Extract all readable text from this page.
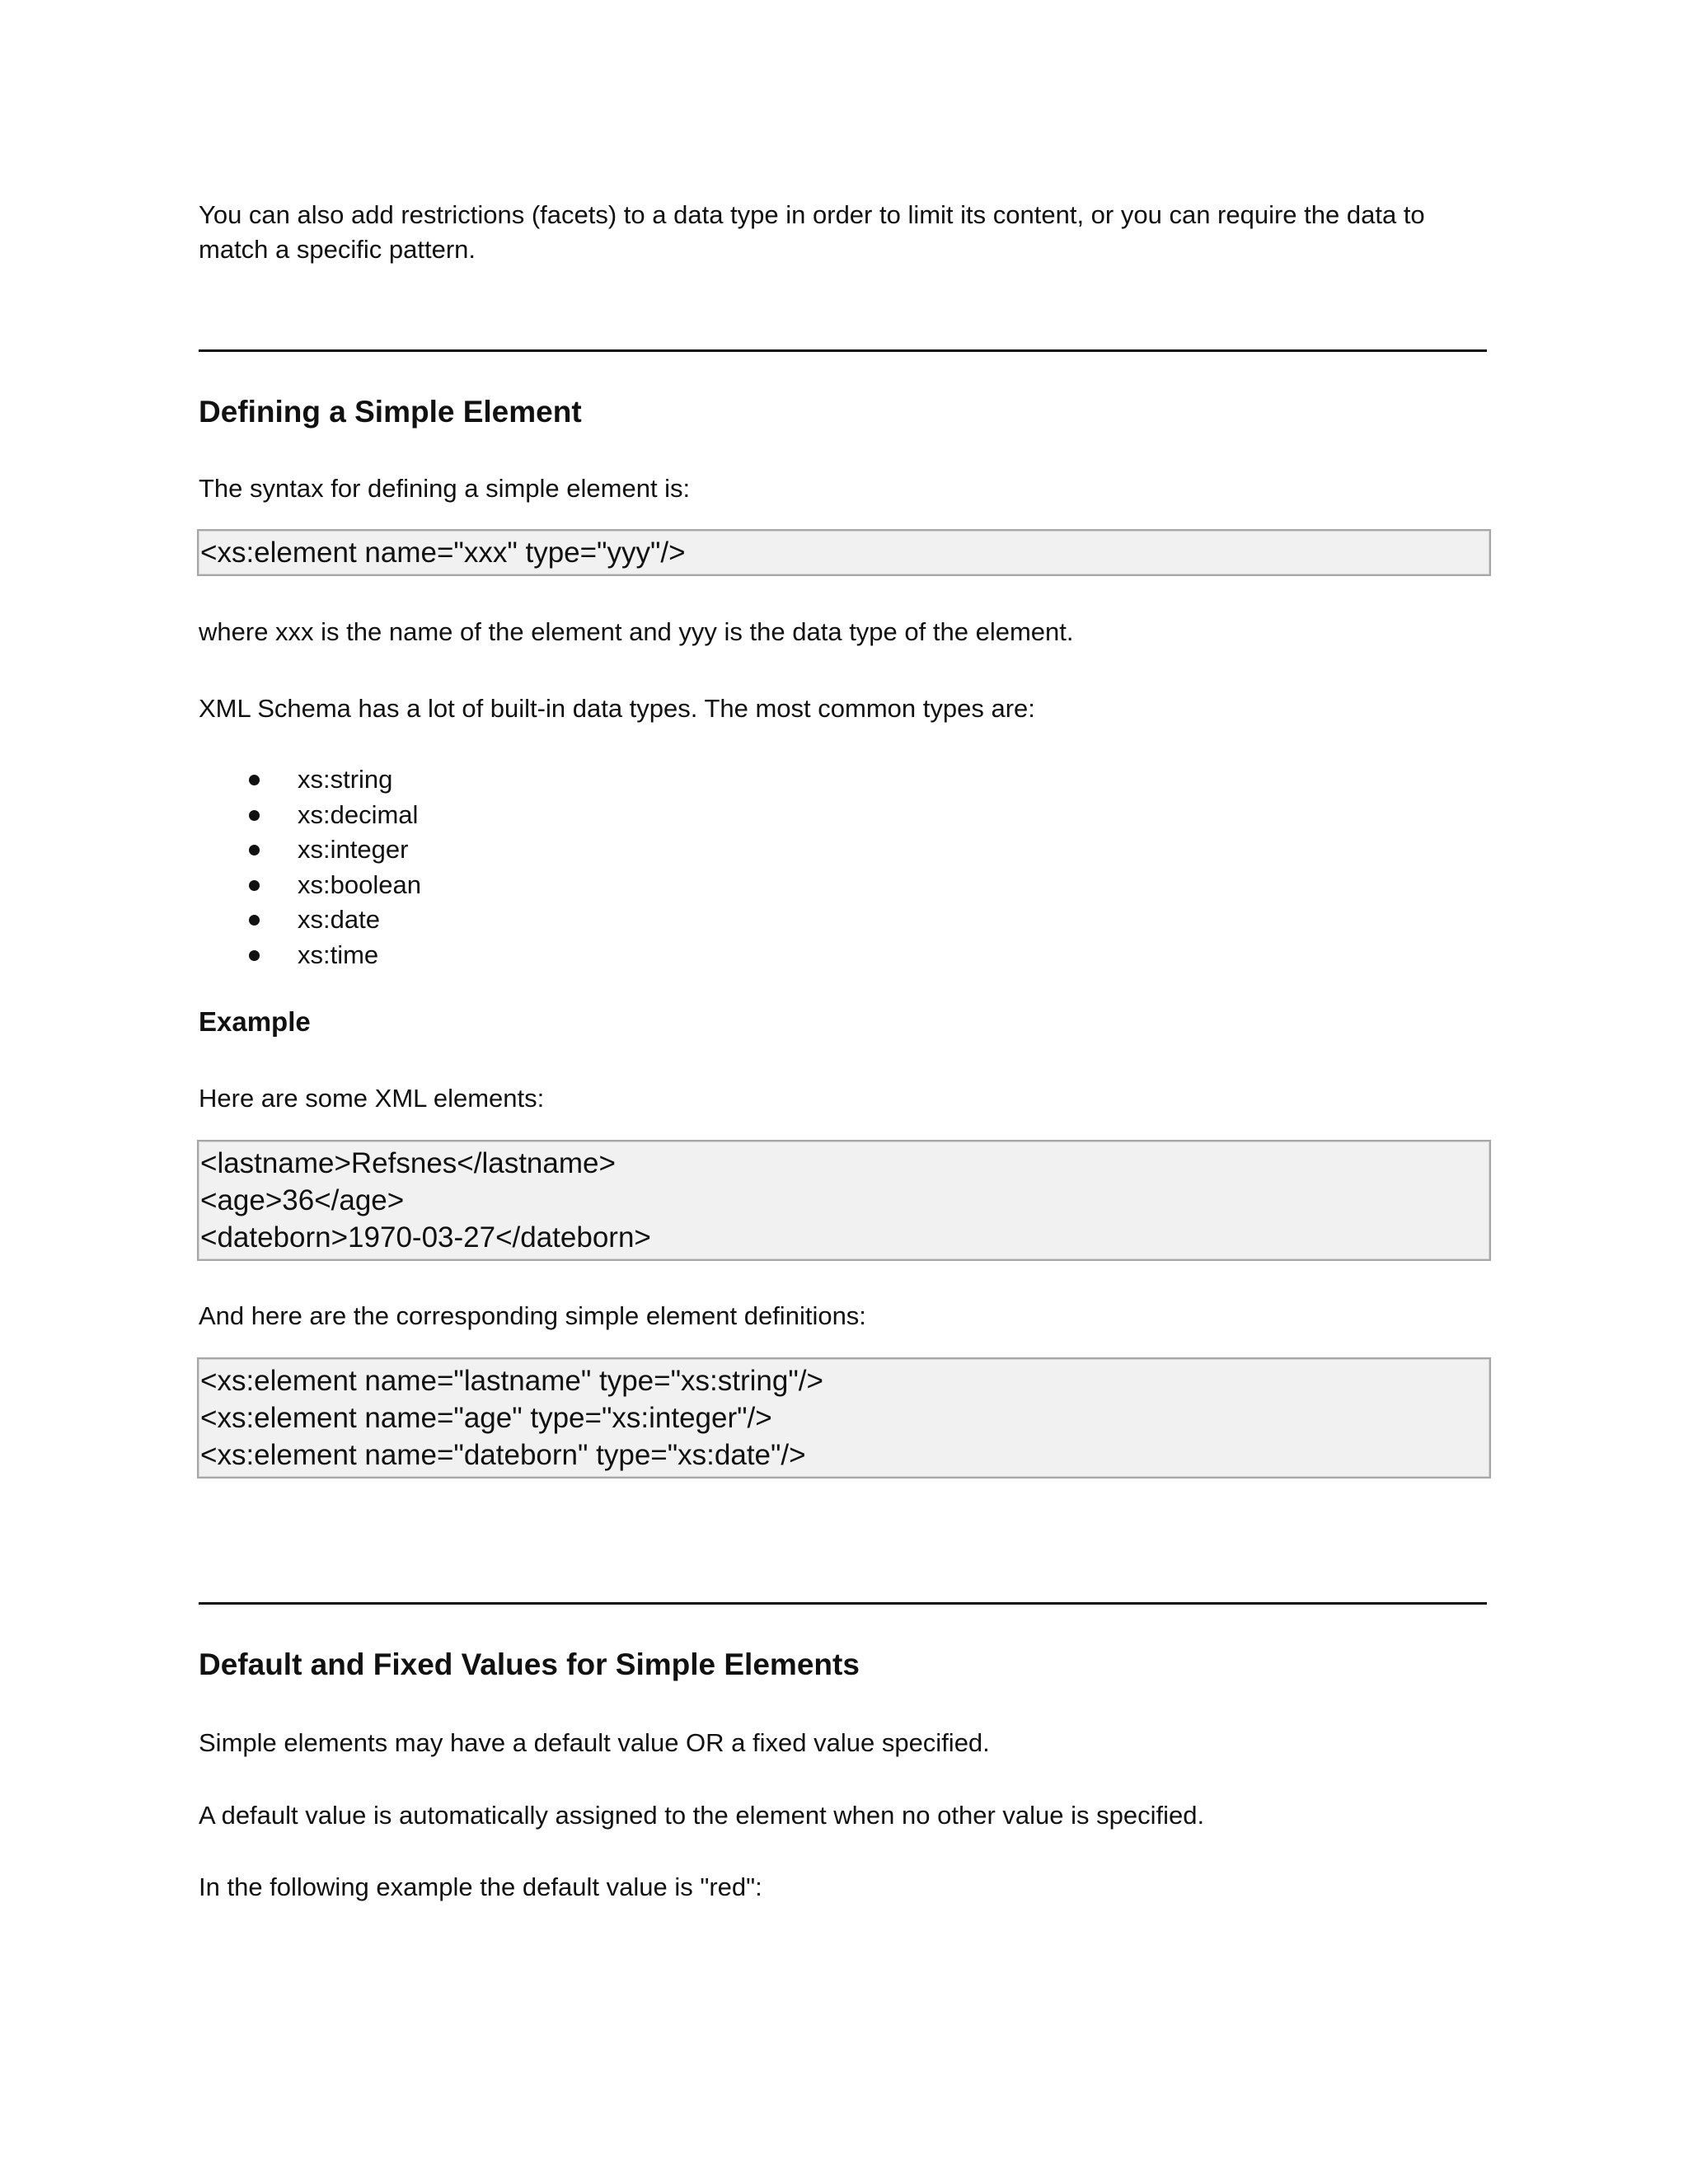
You can also add restrictions (facets) to a data type in order to limit its content, or you can require the data to match a specific pattern.

Defining a Simple Element

The syntax for defining a simple element is:

<xs:element name="xxx" type="yyy"/>

where xxx is the name of the element and yyy is the data type of the element.

XML Schema has a lot of built-in data types. The most common types are:

xs:string
xs:decimal
xs:integer
xs:boolean
xs:date
xs:time
Example

Here are some XML elements:

<lastname>Refsnes</lastname>
<age>36</age>
<dateborn>1970-03-27</dateborn>

And here are the corresponding simple element definitions:

<xs:element name="lastname" type="xs:string"/>
<xs:element name="age" type="xs:integer"/>
<xs:element name="dateborn" type="xs:date"/>
Default and Fixed Values for Simple Elements

Simple elements may have a default value OR a fixed value specified.

A default value is automatically assigned to the element when no other value is specified.

In the following example the default value is "red":
